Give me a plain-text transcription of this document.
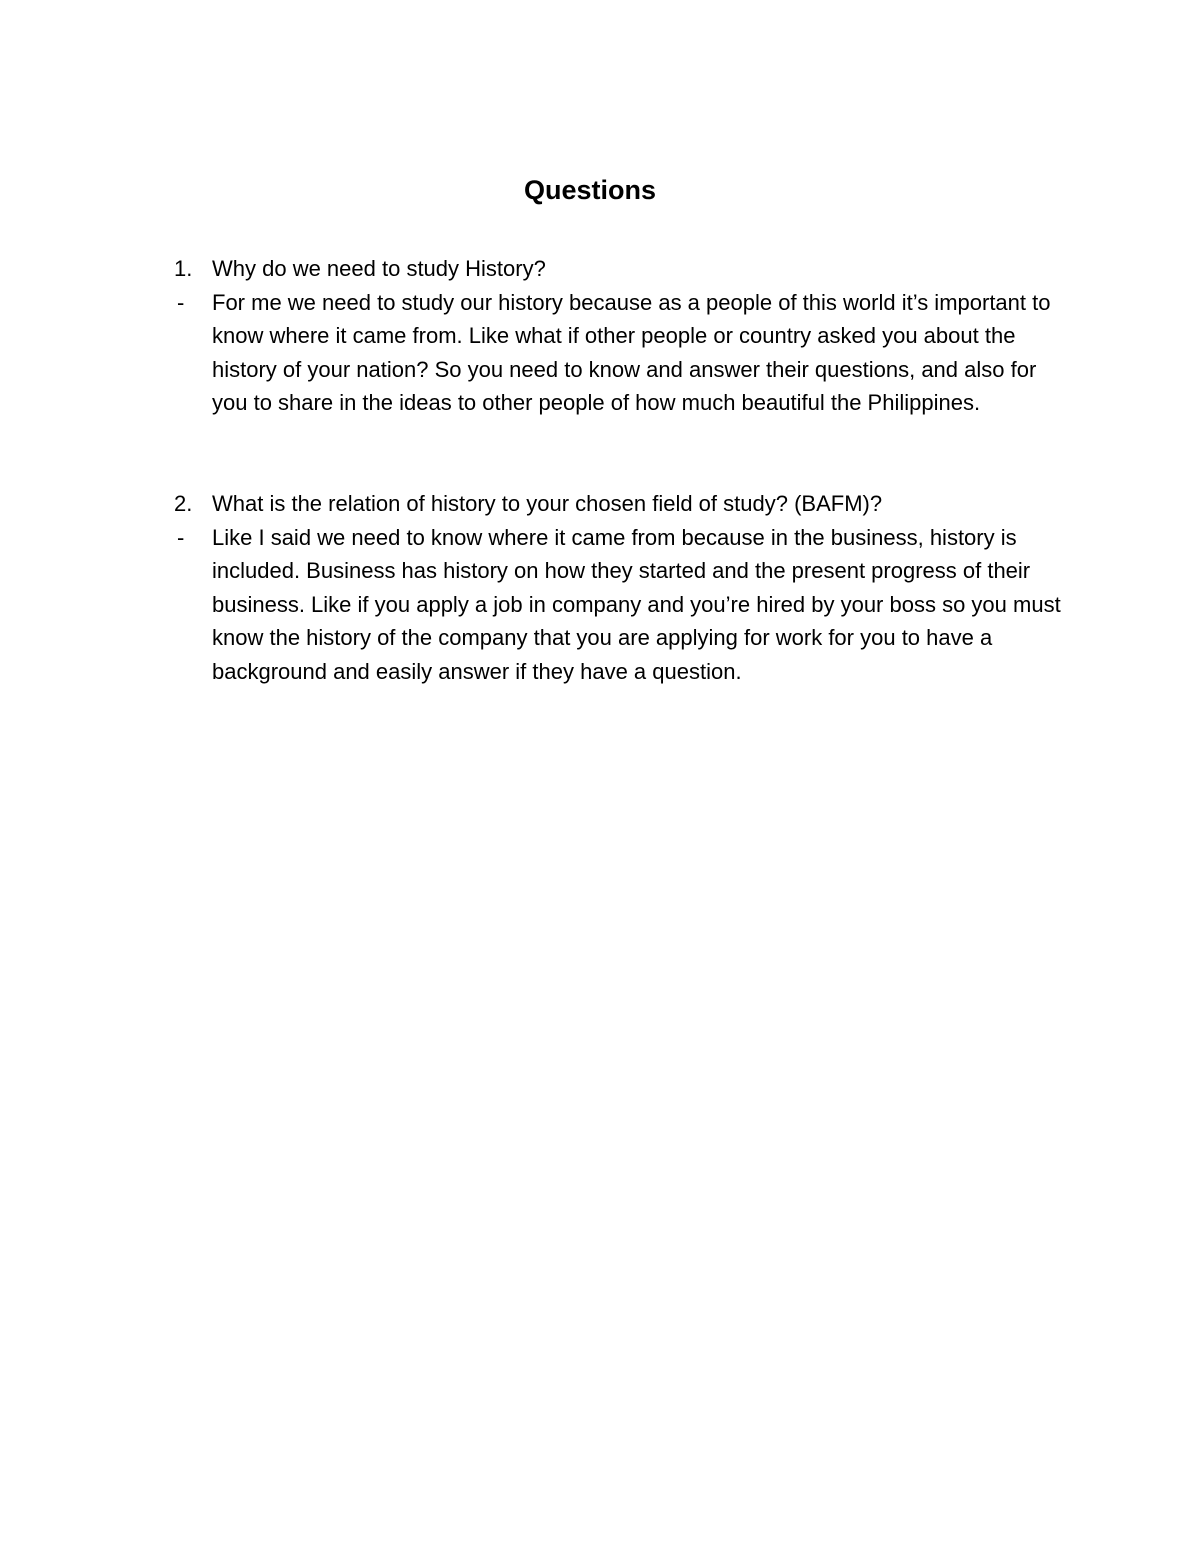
Questions
1. Why do we need to study History?
- For me we need to study our history because as a people of this world it’s important to know where it came from. Like what if other people or country asked you about the history of your nation? So you need to know and answer their questions, and also for you to share in the ideas to other people of how much beautiful the Philippines.
2. What is the relation of history to your chosen field of study? (BAFM)?
- Like I said we need to know where it came from because in the business, history is included. Business has history on how they started and the present progress of their business. Like if you apply a job in company and you’re hired by your boss so you must know the history of the company that you are applying for work for you to have a background and easily answer if they have a question.
